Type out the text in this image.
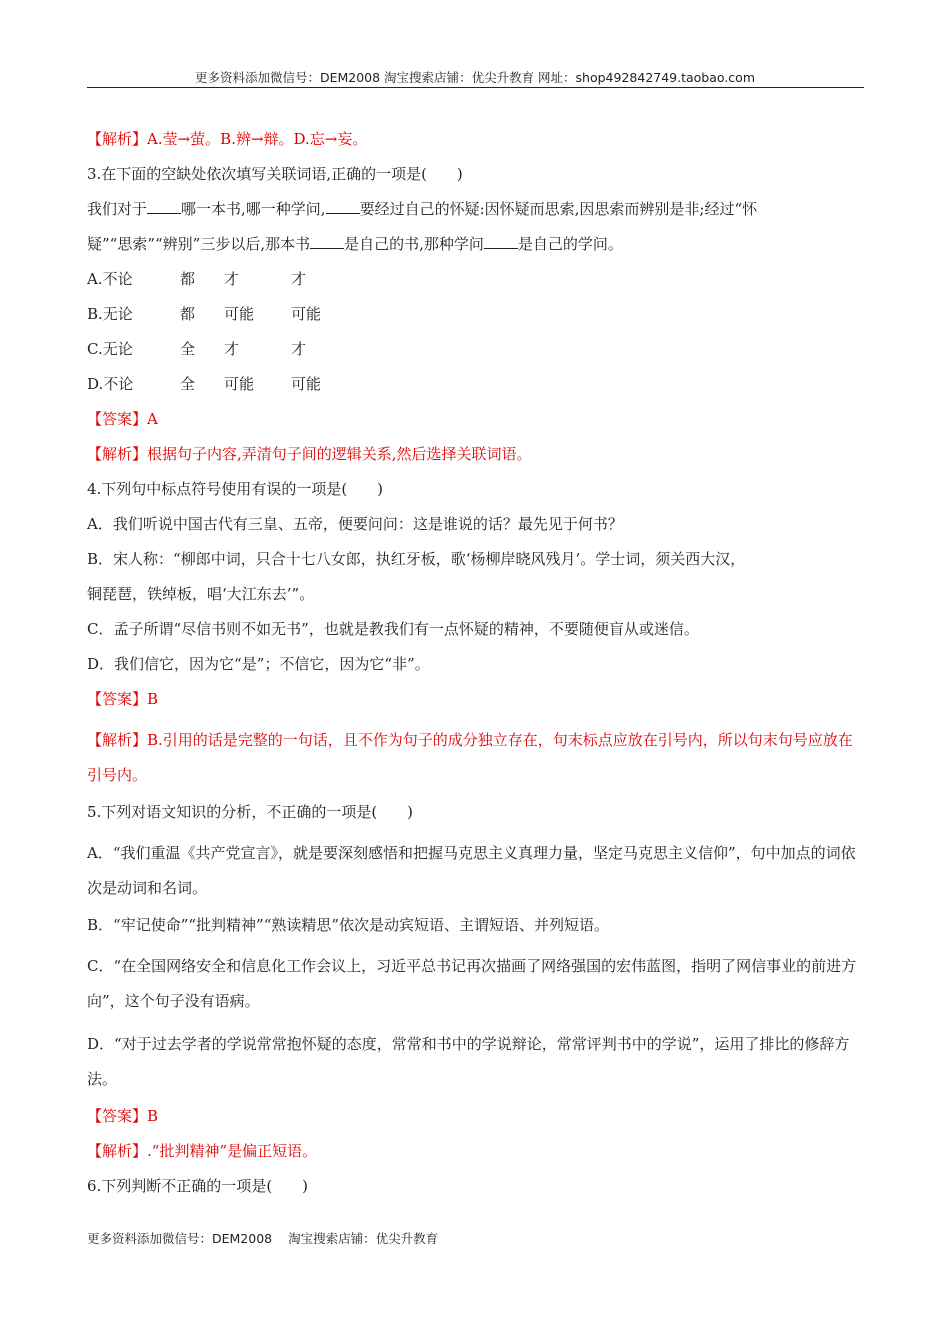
更多资料添加微信号：DEM2008 淘宝搜索店铺：优尖升教育 网址：shop492842749.taobao.com

【解析】A.莹→萤。B.辨→辩。D.忘→妄。

3.在下面的空缺处依次填写关联词语,正确的一项是(　　)

我们对于 哪一本书,哪一种学问, 要经过自己的怀疑:因怀疑而思索,因思索而辨别是非;经过“怀

疑”“思索”“辨别”三步以后,那本书 是自己的书,那种学问 是自己的学问。

A.不论	都 才	才

B.无论	都 可能 可能

C.无论	全 才	才

D.不论	全 可能 可能

【答案】A

【解析】根据句子内容,弄清句子间的逻辑关系,然后选择关联词语。

4.下列句中标点符号使用有误的一项是(　　)

A．我们听说中国古代有三皇、五帝，便要问问：这是谁说的话？最先见于何书？

B．宋人称：“柳郎中词，只合十七八女郎，执红牙板，歌‘杨柳岸晓风残月’。学士词，须关西大汉，

铜琵琶，铁绰板，唱‘大江东去’”。

C．孟子所谓“尽信书则不如无书”，也就是教我们有一点怀疑的精神，不要随便盲从或迷信。

D．我们信它，因为它“是”；不信它，因为它“非”。

【答案】B

【解析】B.引用的话是完整的一句话，且不作为句子的成分独立存在，句末标点应放在引号内，所以句末句号应放在引号内。

5.下列对语文知识的分析，不正确的一项是(　　)

A．“我们重温《共产党宣言》，就是要深刻感悟和把握马克思主义真理力量，坚定马克思主义信仰”，句中加点的词依次是动词和名词。

B．“牢记使命”“批判精神”“熟读精思”依次是动宾短语、主谓短语、并列短语。

C．“在全国网络安全和信息化工作会议上，习近平总书记再次描画了网络强国的宏伟蓝图，指明了网信事业的前进方向”，这个句子没有语病。

D．“对于过去学者的学说常常抱怀疑的态度，常常和书中的学说辩论，常常评判书中的学说”，运用了排比的修辞方法。

【答案】B

【解析】.“批判精神”是偏正短语。

6.下列判断不正确的一项是(　　)

更多资料添加微信号：DEM2008 淘宝搜索店铺：优尖升教育
